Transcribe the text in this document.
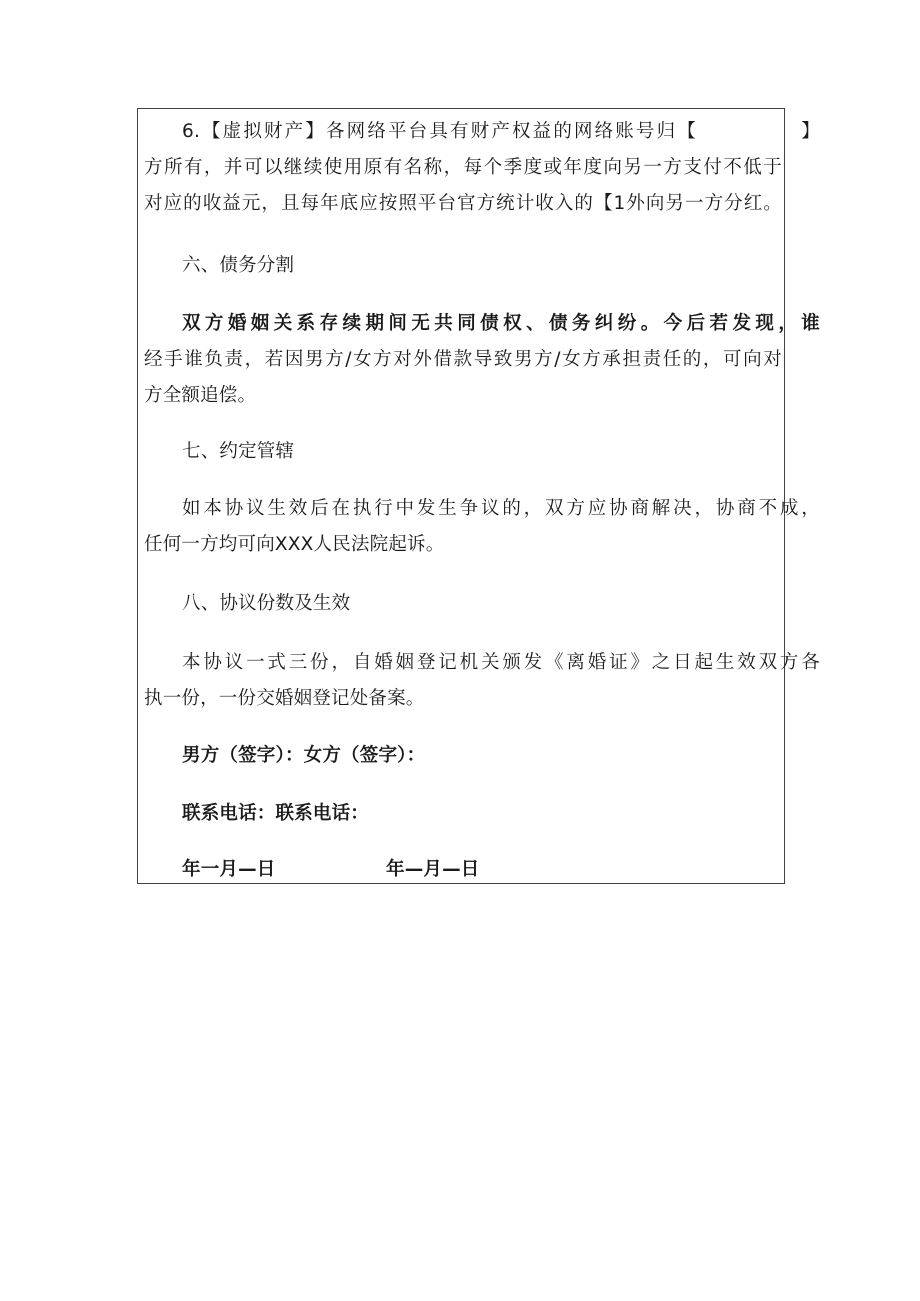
6.【虚拟财产】各网络平台具有财产权益的网络账号归【　　　　　】
方所有，并可以继续使用原有名称，每个季度或年度向另一方支付不低于
对应的收益元，且每年底应按照平台官方统计收入的【1外向另一方分红。
六、债务分割
双方婚姻关系存续期间无共同债权、债务纠纷。今后若发现，谁
经手谁负责，若因男方/女方对外借款导致男方/女方承担责任的，可向对
方全额追偿。
七、约定管辖
如本协议生效后在执行中发生争议的，双方应协商解决，协商不成，
任何一方均可向XXX人民法院起诉。
八、协议份数及生效
本协议一式三份，自婚姻登记机关颁发《离婚证》之日起生效双方各
执一份，一份交婚姻登记处备案。
男方（签字）：女方（签字）：
联系电话：联系电话：
年一月—日	年—月—日
